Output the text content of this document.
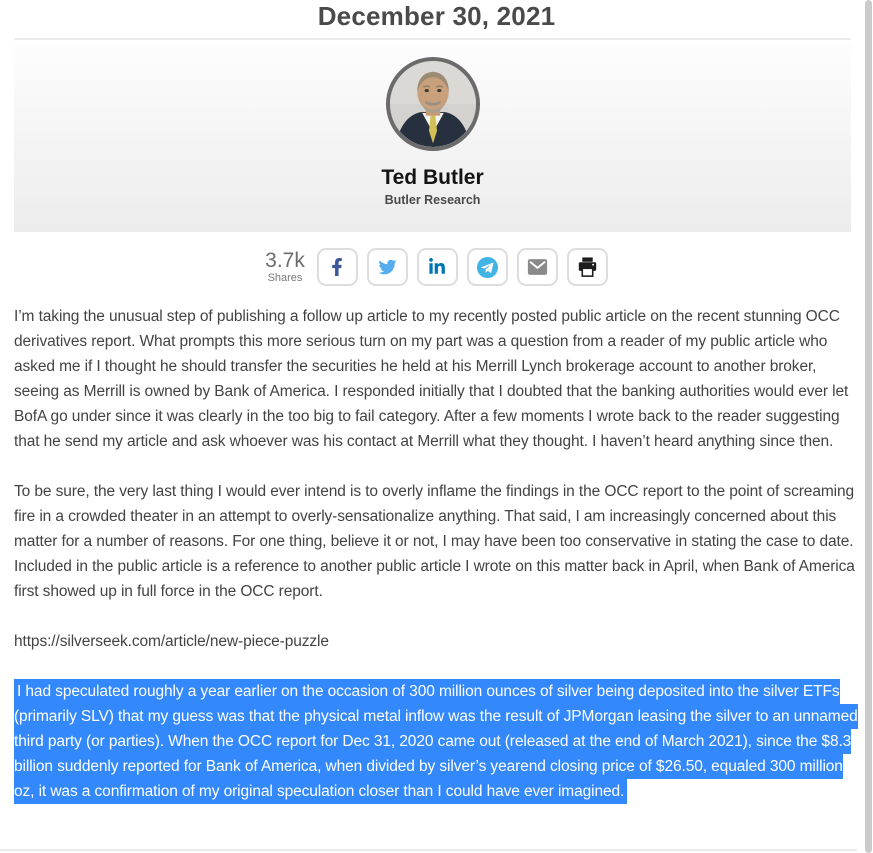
December 30, 2021
Ted Butler
Butler Research
3.7k
Shares

I’m taking the unusual step of publishing a follow up article to my recently posted public article on the recent stunning OCC derivatives report. What prompts this more serious turn on my part was a question from a reader of my public article who asked me if I thought he should transfer the securities he held at his Merrill Lynch brokerage account to another broker, seeing as Merrill is owned by Bank of America. I responded initially that I doubted that the banking authorities would ever let BofA go under since it was clearly in the too big to fail category. After a few moments I wrote back to the reader suggesting that he send my article and ask whoever was his contact at Merrill what they thought. I haven’t heard anything since then.

To be sure, the very last thing I would ever intend is to overly inflame the findings in the OCC report to the point of screaming fire in a crowded theater in an attempt to overly-sensationalize anything. That said, I am increasingly concerned about this matter for a number of reasons. For one thing, believe it or not, I may have been too conservative in stating the case to date. Included in the public article is a reference to another public article I wrote on this matter back in April, when Bank of America first showed up in full force in the OCC report.

https://silverseek.com/article/new-piece-puzzle

I had speculated roughly a year earlier on the occasion of 300 million ounces of silver being deposited into the silver ETFs (primarily SLV) that my guess was that the physical metal inflow was the result of JPMorgan leasing the silver to an unnamed third party (or parties). When the OCC report for Dec 31, 2020 came out (released at the end of March 2021), since the $8.3 billion suddenly reported for Bank of America, when divided by silver’s yearend closing price of $26.50, equaled 300 million oz, it was a confirmation of my original speculation closer than I could have ever imagined.
